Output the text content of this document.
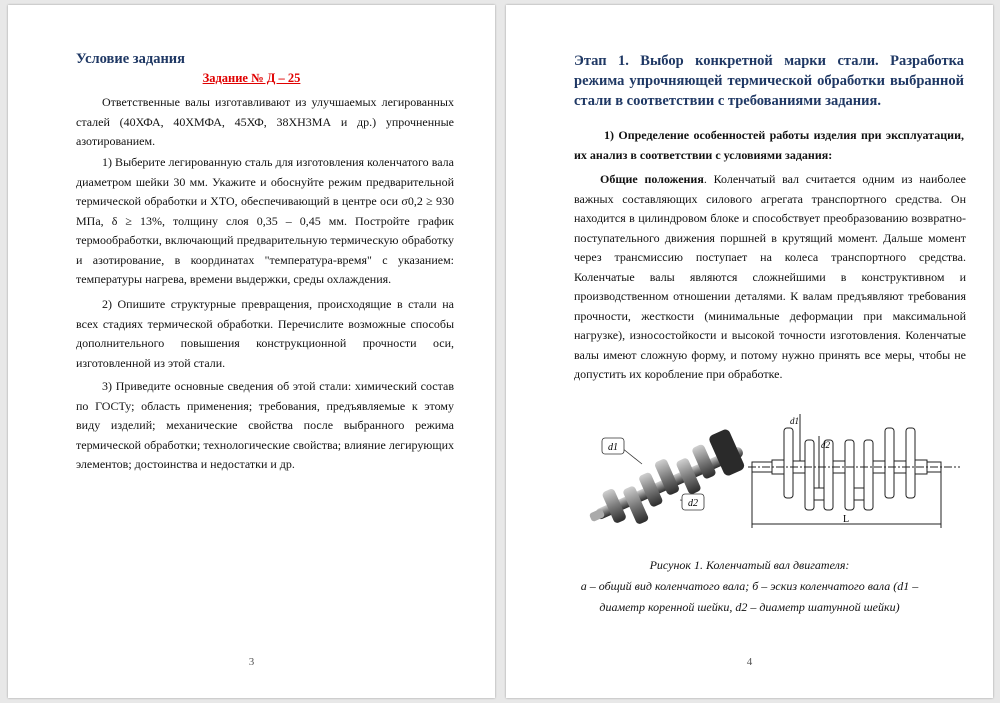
Условие задания
Задание № Д – 25
Ответственные валы изготавливают из улучшаемых легированных сталей (40ХФА, 40ХМФА, 45ХФ, 38ХН3МА и др.) упрочненные азотированием.
1) Выберите легированную сталь для изготовления коленчатого вала диаметром шейки 30 мм. Укажите и обоснуйте режим предварительной термической обработки и ХТО, обеспечивающий в центре оси σ0,2 ≥ 930 МПа, δ ≥ 13%, толщину слоя 0,35 – 0,45 мм. Постройте график термообработки, включающий предварительную термическую обработку и азотирование, в координатах "температура-время" с указанием: температуры нагрева, времени выдержки, среды охлаждения.
2) Опишите структурные превращения, происходящие в стали на всех стадиях термической обработки. Перечислите возможные способы дополнительного повышения конструкционной прочности оси, изготовленной из этой стали.
3) Приведите основные сведения об этой стали: химический состав по ГОСТу; область применения; требования, предъявляемые к этому виду изделий; механические свойства после выбранного режима термической обработки; технологические свойства; влияние легирующих элементов; достоинства и недостатки и др.
3
Этап 1. Выбор конкретной марки стали. Разработка режима упрочняющей термической обработки выбранной стали в соответствии с требованиями задания.
1) Определение особенностей работы изделия при эксплуатации, их анализ в соответствии с условиями задания:
Общие положения. Коленчатый вал считается одним из наиболее важных составляющих силового агрегата транспортного средства. Он находится в цилиндровом блоке и способствует преобразованию возвратно-поступательного движения поршней в крутящий момент. Дальше момент через трансмиссию поступает на колеса транспортного средства. Коленчатые валы являются сложнейшими в конструктивном и производственном отношении деталями. К валам предъявляют требования прочности, жесткости (минимальные деформации при максимальной нагрузке), износостойкости и высокой точности изготовления. Коленчатые валы имеют сложную форму, и потому нужно принять все меры, чтобы не допустить их коробление при обработке.
d1
d2
d1
d2
L
Рисунок 1. Коленчатый вал двигателя:
а – общий вид коленчатого вала; б – эскиз коленчатого вала (d1 – диаметр коренной шейки, d2 – диаметр шатунной шейки)
4
